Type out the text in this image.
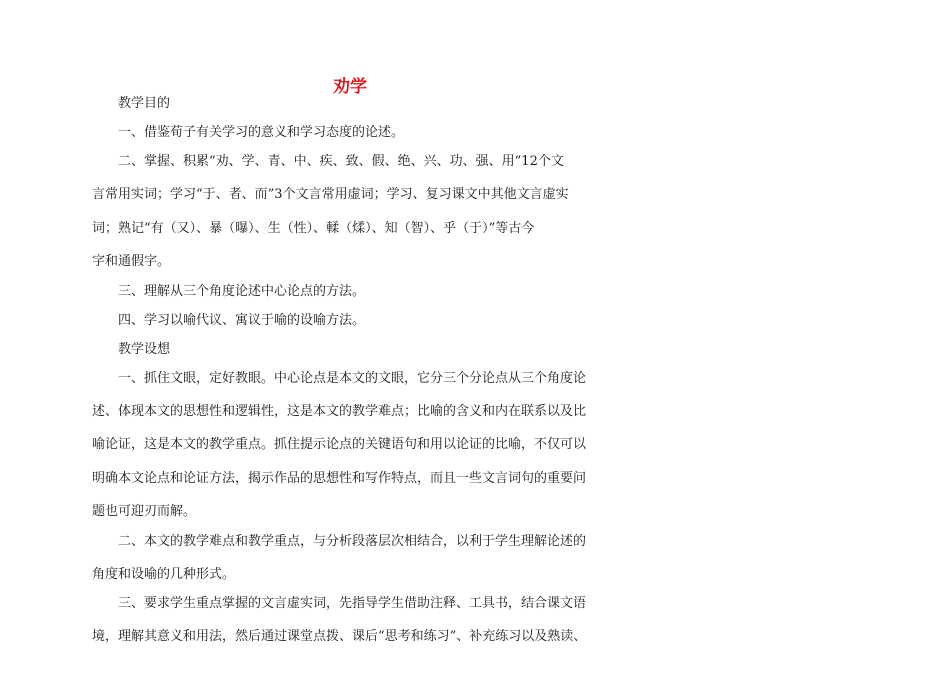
劝学
教学目的
一、借鉴荀子有关学习的意义和学习态度的论述。
二、掌握、积累“劝、学、青、中、疾、致、假、绝、兴、功、强、用”12个文
言常用实词；学习“于、者、而”3个文言常用虚词；学习、复习课文中其他文言虚实
词；熟记“有（又）、暴（曝）、生（性）、輮（煣）、知（智）、乎（于）”等古今
字和通假字。
三、理解从三个角度论述中心论点的方法。
四、学习以喻代议、寓议于喻的设喻方法。
教学设想
一、抓住文眼，定好教眼。中心论点是本文的文眼，它分三个分论点从三个角度论
述、体现本文的思想性和逻辑性，这是本文的教学难点；比喻的含义和内在联系以及比
喻论证，这是本文的教学重点。抓住提示论点的关键语句和用以论证的比喻，不仅可以
明确本文论点和论证方法，揭示作品的思想性和写作特点，而且一些文言词句的重要问
题也可迎刃而解。
二、本文的教学难点和教学重点，与分析段落层次相结合，以利于学生理解论述的
角度和设喻的几种形式。
三、要求学生重点掌握的文言虚实词，先指导学生借助注释、工具书，结合课文语
境，理解其意义和用法，然后通过课堂点拨、课后“思考和练习”、补充练习以及熟读、
